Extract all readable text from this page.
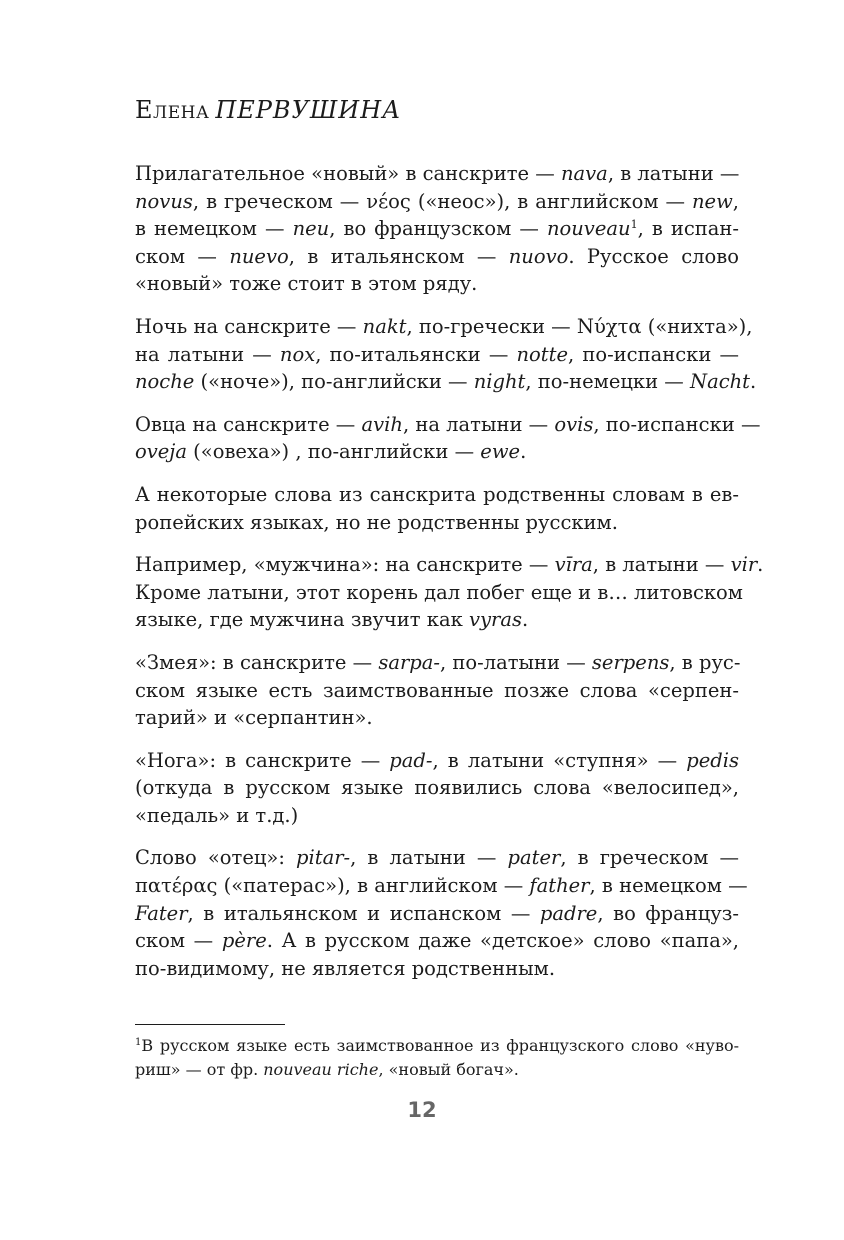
Елена ПЕРВУШИНА
Прилагательное «новый» в санскрите — nava, в латыни —
novus, в греческом — νέος («неос»), в английском — new,
в немецком — neu, во французском — nouveau$^1$, в испан-
ском — nuevo, в итальянском — nuovo. Русское слово
«новый» тоже стоит в этом ряду.
Ночь на санскрите — nakt, по-гречески — Νύχτα («нихта»),
на латыни — nox, по-итальянски — notte, по-испански —
noche («ноче»), по-английски — night, по-немецки — Nacht.
Овца на санскрите — avih, на латыни — ovis, по-испански —
oveja («овеха») , по-английски — ewe.
А некоторые слова из санскрита родственны словам в ев-
ропейских языках, но не родственны русским.
Например, «мужчина»: на санскрите — vīra, в латыни — vir.
Кроме латыни, этот корень дал побег еще и в… литовском
языке, где мужчина звучит как vyras.
«Змея»: в санскрите — sarpa-, по-латыни — serpens, в рус-
ском языке есть заимствованные позже слова «серпен-
тарий» и «серпантин».
«Нога»: в санскрите — pad-, в латыни «ступня» — pedis
(откуда в русском языке появились слова «велосипед»,
«педаль» и т.д.)
Слово «отец»: pitar-, в латыни — pater, в греческом —
πατέρας («патерас»), в английском — father, в немецком —
Fater, в итальянском и испанском — padre, во француз-
ском — père. А в русском даже «детское» слово «папа»,
по-видимому, не является родственным.
$^1$В русском языке есть заимствованное из французского слово «нуво-
риш» — от фр. nouveau riche, «новый богач».
12
